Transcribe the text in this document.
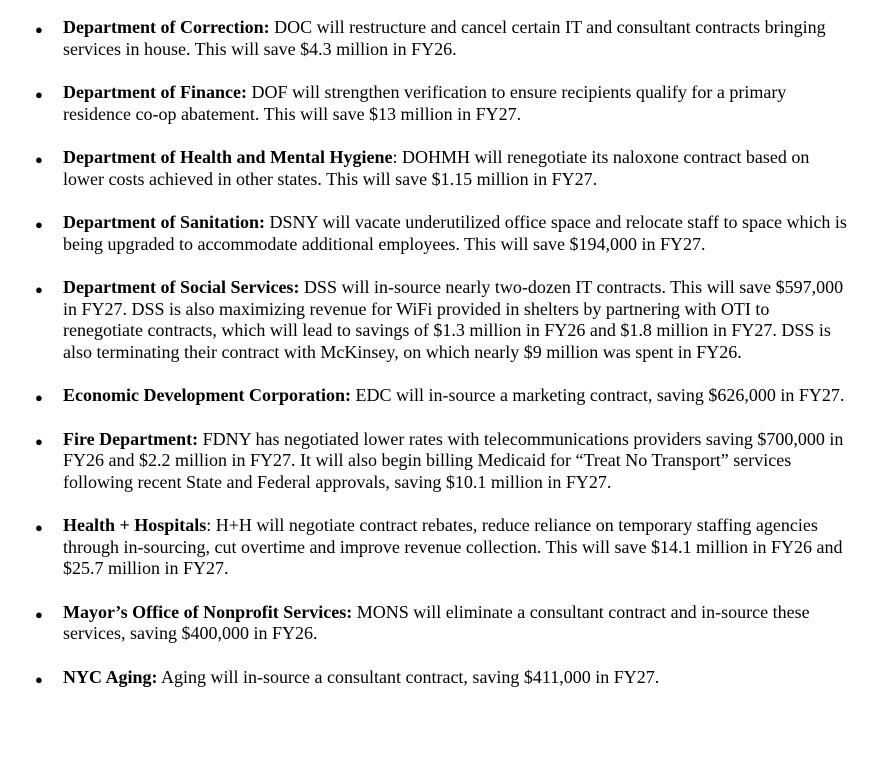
● Department of Correction: DOC will restructure and cancel certain IT and consultant contracts bringing services in house. This will save $4.3 million in FY26.
● Department of Finance: DOF will strengthen verification to ensure recipients qualify for a primary residence co-op abatement. This will save $13 million in FY27.
● Department of Health and Mental Hygiene: DOHMH will renegotiate its naloxone contract based on lower costs achieved in other states. This will save $1.15 million in FY27.
● Department of Sanitation: DSNY will vacate underutilized office space and relocate staff to space which is being upgraded to accommodate additional employees. This will save $194,000 in FY27.
● Department of Social Services: DSS will in-source nearly two-dozen IT contracts. This will save $597,000 in FY27. DSS is also maximizing revenue for WiFi provided in shelters by partnering with OTI to renegotiate contracts, which will lead to savings of $1.3 million in FY26 and $1.8 million in FY27. DSS is also terminating their contract with McKinsey, on which nearly $9 million was spent in FY26.
● Economic Development Corporation: EDC will in-source a marketing contract, saving $626,000 in FY27.
● Fire Department: FDNY has negotiated lower rates with telecommunications providers saving $700,000 in FY26 and $2.2 million in FY27. It will also begin billing Medicaid for “Treat No Transport” services following recent State and Federal approvals, saving $10.1 million in FY27.
● Health + Hospitals: H+H will negotiate contract rebates, reduce reliance on temporary staffing agencies through in-sourcing, cut overtime and improve revenue collection. This will save $14.1 million in FY26 and $25.7 million in FY27.
● Mayor’s Office of Nonprofit Services: MONS will eliminate a consultant contract and in-source these services, saving $400,000 in FY26.
● NYC Aging: Aging will in-source a consultant contract, saving $411,000 in FY27.
